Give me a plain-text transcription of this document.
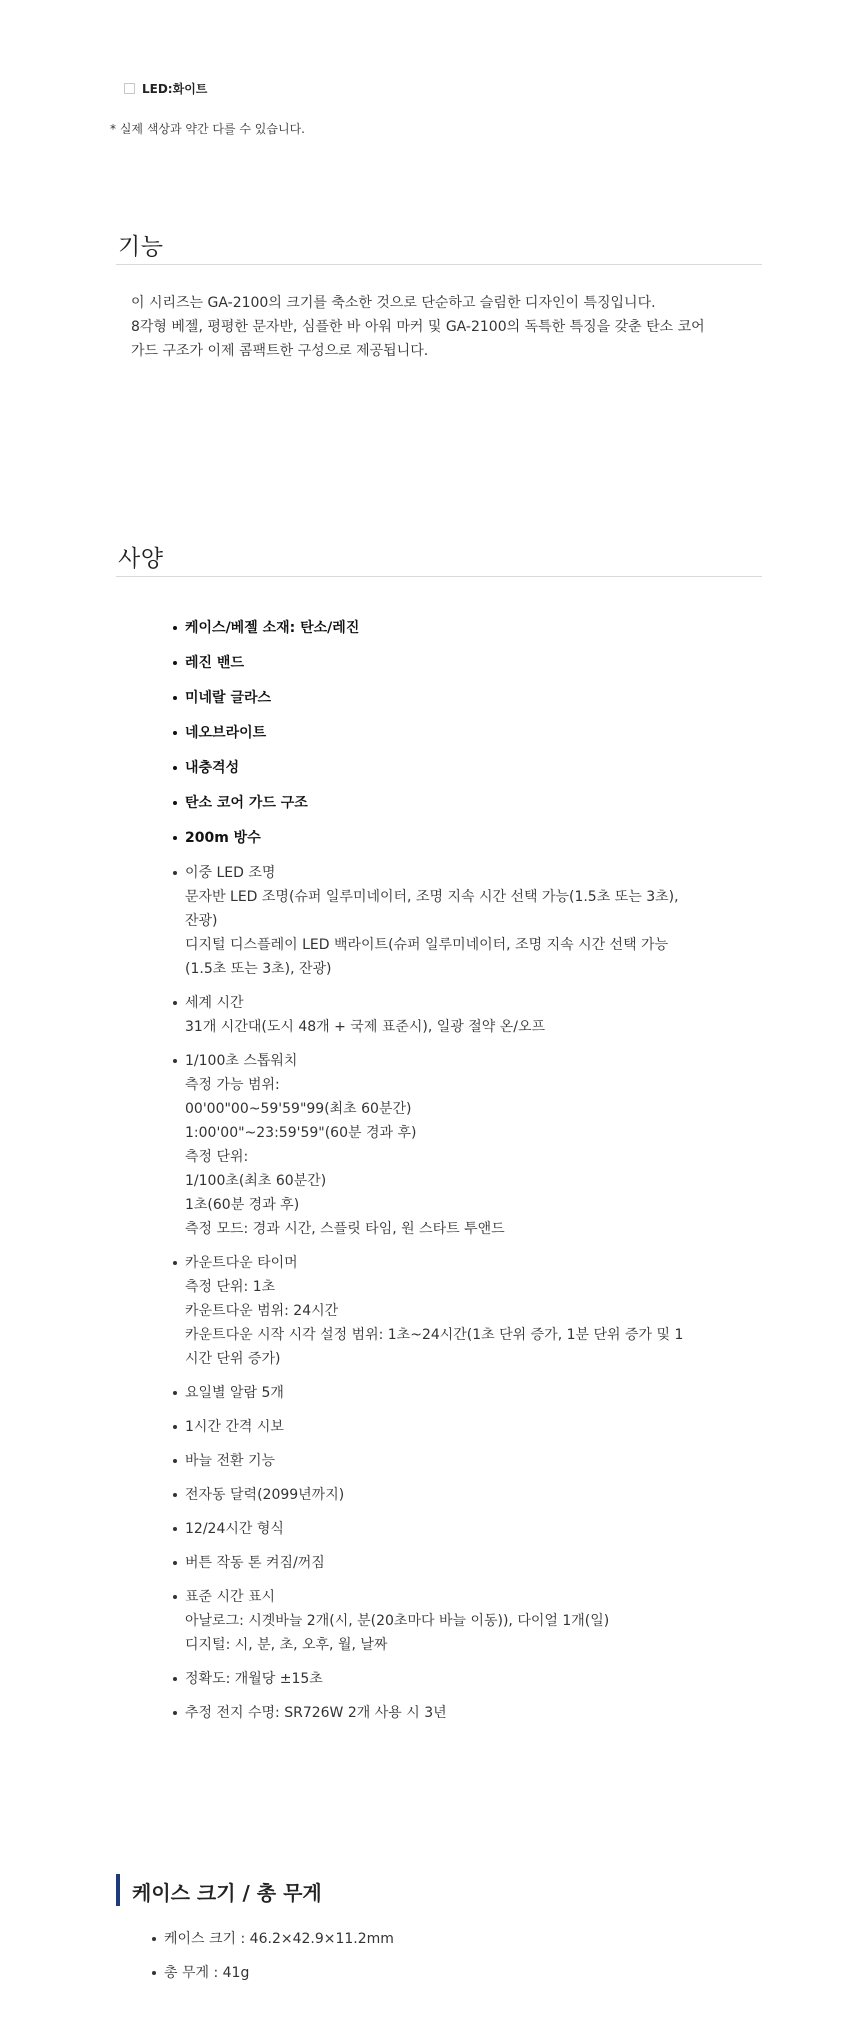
LED:화이트
* 실제 색상과 약간 다를 수 있습니다.
기능
이 시리즈는 GA-2100의 크기를 축소한 것으로 단순하고 슬림한 디자인이 특징입니다.
8각형 베젤, 평평한 문자반, 심플한 바 아워 마커 및 GA-2100의 독특한 특징을 갖춘 탄소 코어
가드 구조가 이제 콤팩트한 구성으로 제공됩니다.
사양
케이스/베젤 소재: 탄소/레진
레진 밴드
미네랄 글라스
네오브라이트
내충격성
탄소 코어 가드 구조
200m 방수
이중 LED 조명
문자반 LED 조명(슈퍼 일루미네이터, 조명 지속 시간 선택 가능(1.5초 또는 3초),
잔광)
디지털 디스플레이 LED 백라이트(슈퍼 일루미네이터, 조명 지속 시간 선택 가능
(1.5초 또는 3초), 잔광)
세계 시간
31개 시간대(도시 48개 + 국제 표준시), 일광 절약 온/오프
1/100초 스톱워치
측정 가능 범위:
00'00"00~59'59"99(최초 60분간)
1:00'00"~23:59'59"(60분 경과 후)
측정 단위:
1/100초(최초 60분간)
1초(60분 경과 후)
측정 모드: 경과 시간, 스플릿 타임, 원 스타트 투앤드
카운트다운 타이머
측정 단위: 1초
카운트다운 범위: 24시간
카운트다운 시작 시각 설정 범위: 1초~24시간(1초 단위 증가, 1분 단위 증가 및 1
시간 단위 증가)
요일별 알람 5개
1시간 간격 시보
바늘 전환 기능
전자동 달력(2099년까지)
12/24시간 형식
버튼 작동 톤 켜짐/꺼짐
표준 시간 표시
아날로그: 시곗바늘 2개(시, 분(20초마다 바늘 이동)), 다이얼 1개(일)
디지털: 시, 분, 초, 오후, 월, 날짜
정확도: 개월당 ±15초
추정 전지 수명: SR726W 2개 사용 시 3년
케이스 크기 / 총 무게
케이스 크기 : 46.2×42.9×11.2mm
총 무게 : 41g
